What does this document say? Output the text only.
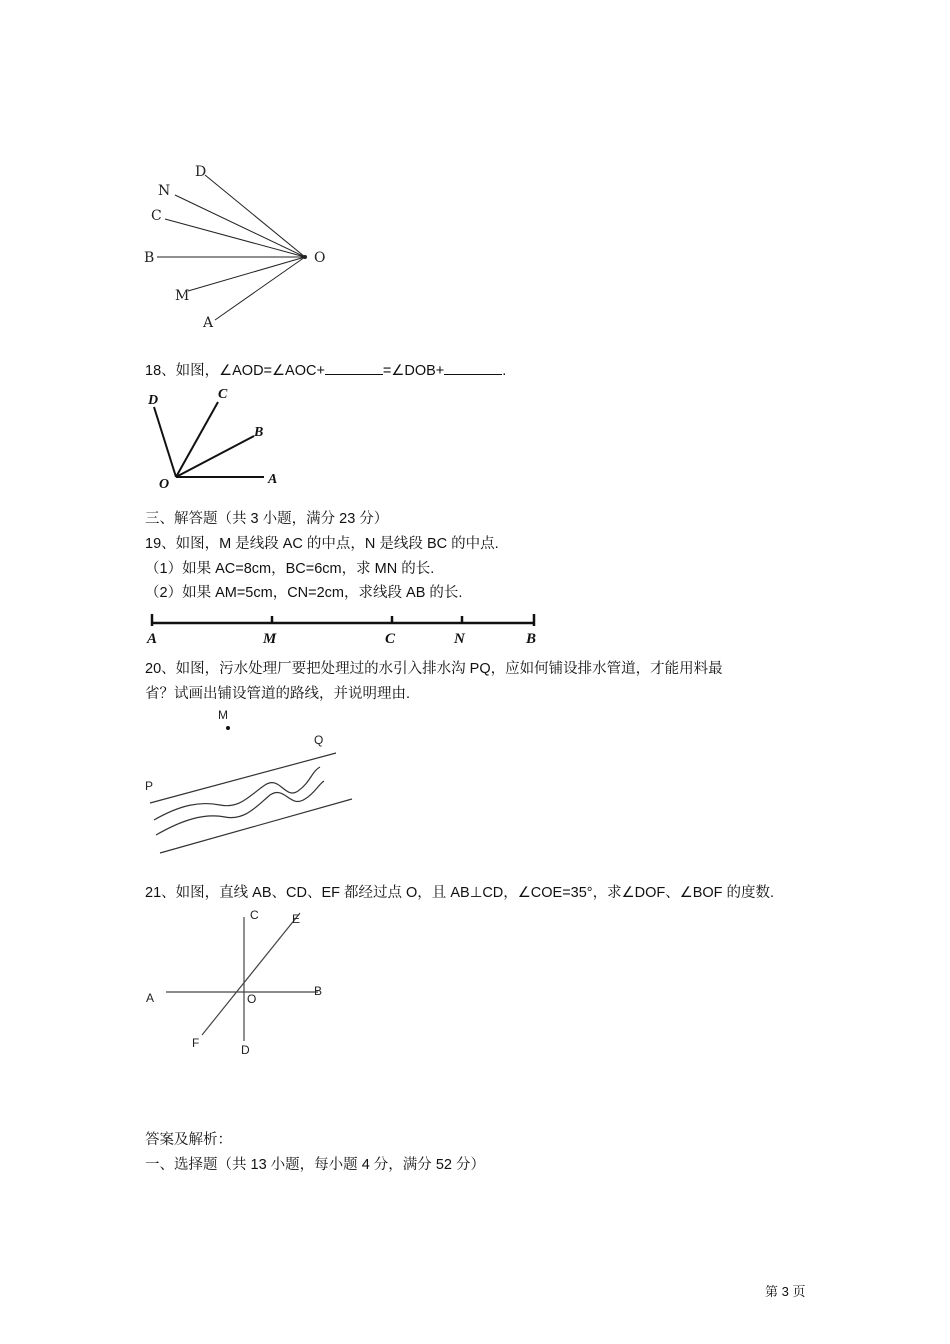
D
N
C
B
M
A
O
18、如图，∠AOD=∠AOC+	=∠DOB+	.
D	C
B
O	A
三、解答题（共 3 小题，满分 23 分）
19、如图，M 是线段 AC 的中点，N 是线段 BC 的中点.
（1）如果 AC=8cm，BC=6cm，求 MN 的长.
（2）如果 AM=5cm，CN=2cm，求线段 AB 的长.
A	M	C	N	B
20、如图，污水处理厂要把处理过的水引入排水沟 PQ，应如何铺设排水管道，才能用料最
省？试画出铺设管道的路线，并说明理由.
M
Q
P
21、如图，直线 AB、CD、EF 都经过点 O，且 AB⊥CD，∠COE=35°，求∠DOF、∠BOF 的度数.
C	E
A	O
B
F	D
答案及解析：
一、选择题（共 13 小题，每小题 4 分，满分 52 分）
第 3 页
